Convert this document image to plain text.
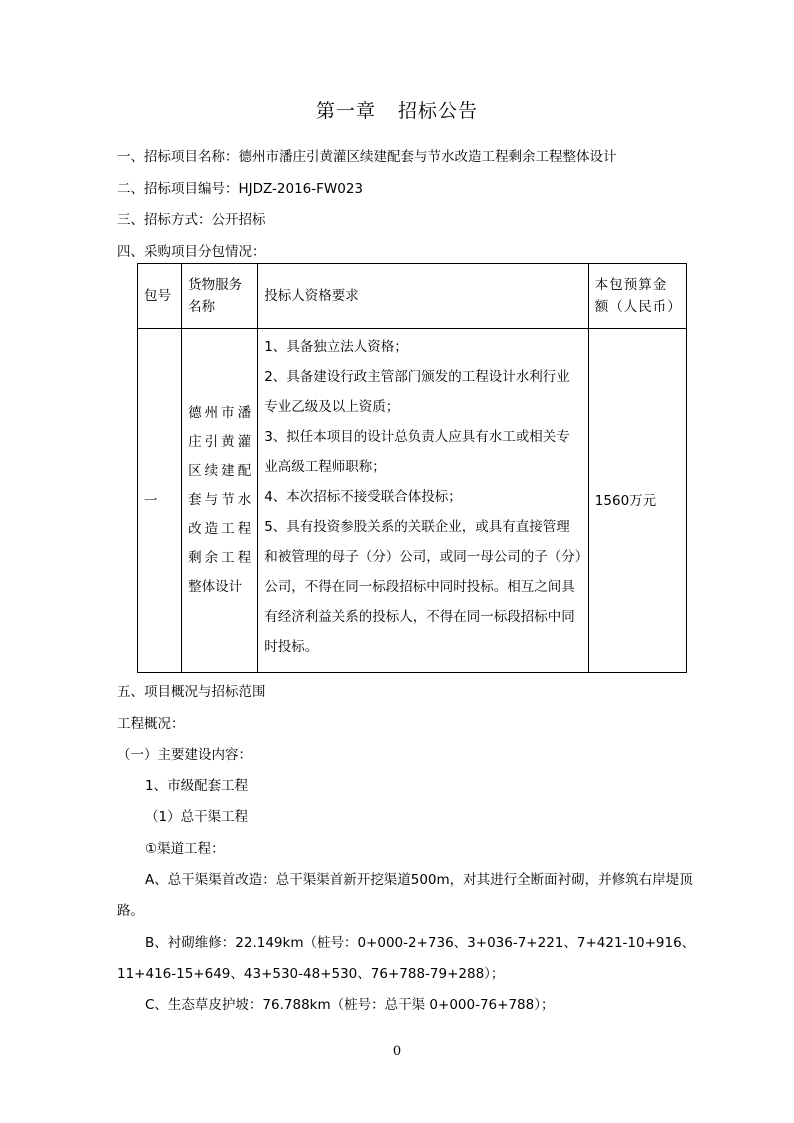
第一章 招标公告
一、招标项目名称：德州市潘庄引黄灌区续建配套与节水改造工程剩余工程整体设计
二、招标项目编号：HJDZ-2016-FW023
三、招标方式：公开招标
四、采购项目分包情况：
包号	货物服务名称	投标人资格要求	本包预算金额（人民币）
一	德州市潘庄引黄灌区续建配套与节水改造工程剩余工程整体设计	1、具备独立法人资格；
2、具备建设行政主管部门颁发的工程设计水利行业专业乙级及以上资质；
3、拟任本项目的设计总负责人应具有水工或相关专业高级工程师职称；
4、本次招标不接受联合体投标；
5、具有投资参股关系的关联企业，或具有直接管理和被管理的母子（分）公司，或同一母公司的子（分）公司，不得在同一标段招标中同时投标。相互之间具有经济利益关系的投标人，不得在同一标段招标中同时投标。	1560万元
五、项目概况与招标范围
工程概况：
（一）主要建设内容：
1、市级配套工程
（1）总干渠工程
①渠道工程：
A、总干渠渠首改造：总干渠渠首新开挖渠道500m，对其进行全断面衬砌，并修筑右岸堤顶
路。
B、衬砌维修：22.149km（桩号：0+000-2+736、3+036-7+221、7+421-10+916、
11+416-15+649、43+530-48+530、76+788-79+288）；
C、生态草皮护坡：76.788km（桩号：总干渠 0+000-76+788）；
0
